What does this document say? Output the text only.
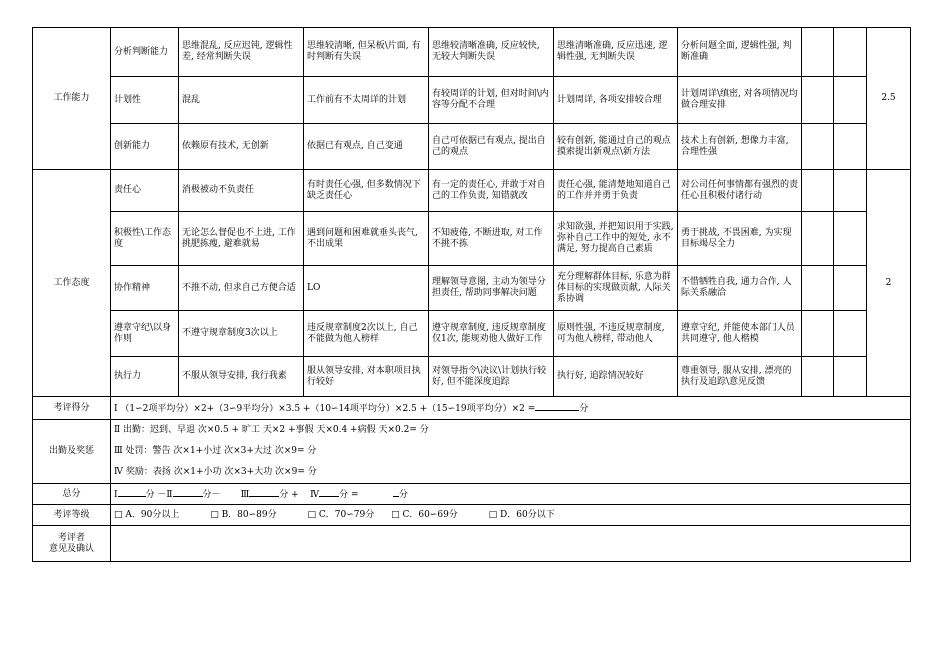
工作能力	分析判断能力	思维混乱, 反应迟钝, 逻辑性差, 经常判断失误	思维较清晰, 但呆板\片面, 有时判断有失误	思维较清晰准确, 反应较快, 无较大判断失误	思维清晰准确, 反应迅速, 逻辑性强, 无判断失误	分析问题全面, 逻辑性强, 判断准确			2.5
	计划性	混乱	工作前有不太周详的计划	有较周详的计划, 但对时间\内容等分配不合理	计划周详, 各项安排较合理	计划周详\缜密, 对各项情况均做合理安排			
	创新能力	依赖原有技术, 无创新	依据已有观点, 自己变通	自己可依据已有观点, 提出自己的观点	较有创新, 能通过自己的观点摸索提出新观点\新方法	技术上有创新, 想像力丰富, 合理性强			
工作态度	责任心	消极被动不负责任	有时责任心强, 但多数情况下缺乏责任心	有一定的责任心, 并敢于对自己的工作负责, 知错就改	责任心强, 能清楚地知道自己的工作并并勇于负责	对公司任何事情都有强烈的责任心且积极付诸行动			2
	积极性\工作态度	无论怎么督促也不上进, 工作挑肥拣瘦, 避难就易	遇到问题和困难就垂头丧气, 不出成果	不知疲倦, 不断进取, 对工作不挑不拣	求知欲强, 并把知识用于实践, 弥补自己工作中的短处, 永不满足, 努力提高自己素质	勇于挑战, 不畏困难, 为实现目标竭尽全力			
	协作精神	不推不动, 但求自己方便合适	LO	理解领导意图, 主动为领导分担责任, 帮助同事解决问题	充分理解群体目标, 乐意为群体目标的实现做贡献, 人际关系协调	不惜牺牲自我, 通力合作, 人际关系融洽			
	遵章守纪\以身作则	不遵守规章制度3次以上	违反规章制度2次以上, 自己不能做为他人榜样	遵守规章制度, 违反规章制度仅1次, 能规劝他人做好工作	原则性强, 不违反规章制度, 可为他人榜样, 带动他人	遵章守纪, 并能使本部门人员共同遵守, 他人楷模			
	执行力	不服从领导安排, 我行我素	服从领导安排, 对本职项目执行较好	对领导指令\决议\计划执行较好, 但不能深度追踪	执行好, 追踪情况较好	尊重领导, 服从安排, 漂亮的执行及追踪\意见反馈			
考评得分	Ⅰ （1∽2项平均分）×2+（3∽9平均分）×3.5 +（10∽14项平均分）×2.5 +（15∽19项平均分）×2 = 分								
出勤及奖惩	Ⅱ 出勤：迟到、早退 次×0.5 + 旷工 天×2 +事假 天×0.4 +病假 天×0.2= 分
Ⅲ 处罚：警告 次×1+小过 次×3+大过 次×9= 分
Ⅳ 奖励：表扬 次×1+小功 次×3+大功 次×9= 分								

总分	Ⅰ 分 －Ⅱ 分－ Ⅲ 分 + Ⅳ 分 = 分								
考评等级	□ A．90分以上 □ B．80∽89分 □ C．70∽79分 □ C．60∽69分 □ D．60分以下								

考评者
意见及确认									
